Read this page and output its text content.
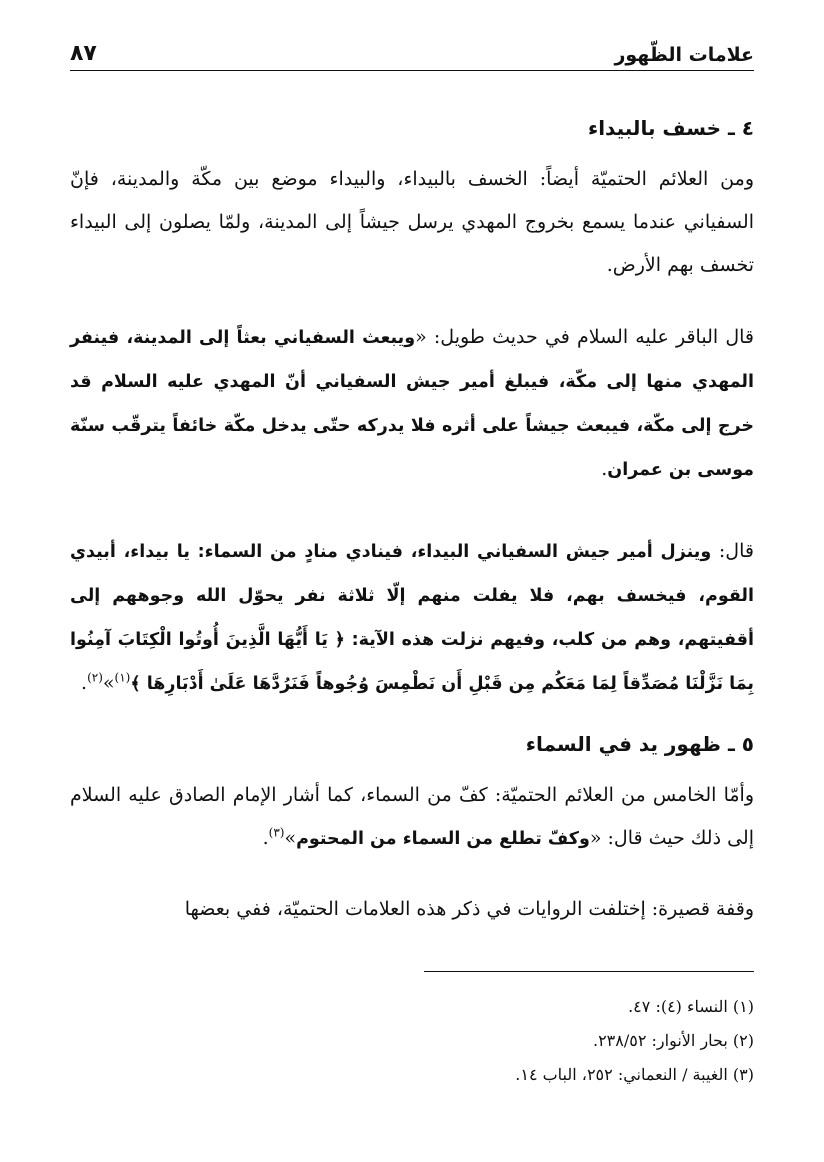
علامات الظّهور
٨٧
٤ ـ خسف بالبيداء

ومن العلائم الحتميّة أيضاً: الخسف بالبيداء، والبيداء موضع بين مكّة والمدينة، فإنّ السفياني عندما يسمع بخروج المهدي يرسل جيشاً إلى المدينة، ولمّا يصلون إلى البيداء تخسف بهم الأرض.

قال الباقر عليه السلام في حديث طويل: «ويبعث السفياني بعثاً إلى المدينة، فينفر المهدي منها إلى مكّة، فيبلغ أمير جيش السفياني أنّ المهدي عليه السلام قد خرج إلى مكّة، فيبعث جيشاً على أثره فلا يدركه حتّى يدخل مكّة خائفاً يترقّب سنّة موسى بن عمران.

قال: وينزل أمير جيش السفياني البيداء، فينادي منادٍ من السماء: يا بيداء، أبيدي القوم، فيخسف بهم، فلا يفلت منهم إلّا ثلاثة نفر يحوّل الله وجوههم إلى أقفيتهم، وهم من كلب، وفيهم نزلت هذه الآية: ﴿ يَا أَيُّهَا الَّذِينَ أُوتُوا الْكِتَابَ آمِنُوا بِمَا نَزَّلْنَا مُصَدِّقاً لِمَا مَعَكُم مِن قَبْلِ أَن نَطْمِسَ وُجُوهاً فَنَرُدَّهَا عَلَىٰ أَدْبَارِهَا ﴾$^{(١)}$»$^{(٢)}$.

٥ ـ ظهور يد في السماء

وأمّا الخامس من العلائم الحتميّة: كفّ من السماء، كما أشار الإمام الصادق عليه السلام إلى ذلك حيث قال: «وكفّ تطلع من السماء من المحتوم»$^{(٣)}$.

وقفة قصيرة: إختلفت الروايات في ذكر هذه العلامات الحتميّة، ففي بعضها

(١) النساء (٤): ٤٧.

(٢) بحار الأنوار: ٢٣٨/٥٢.

(٣) الغيبة / النعماني: ٢٥٢، الباب ١٤.
